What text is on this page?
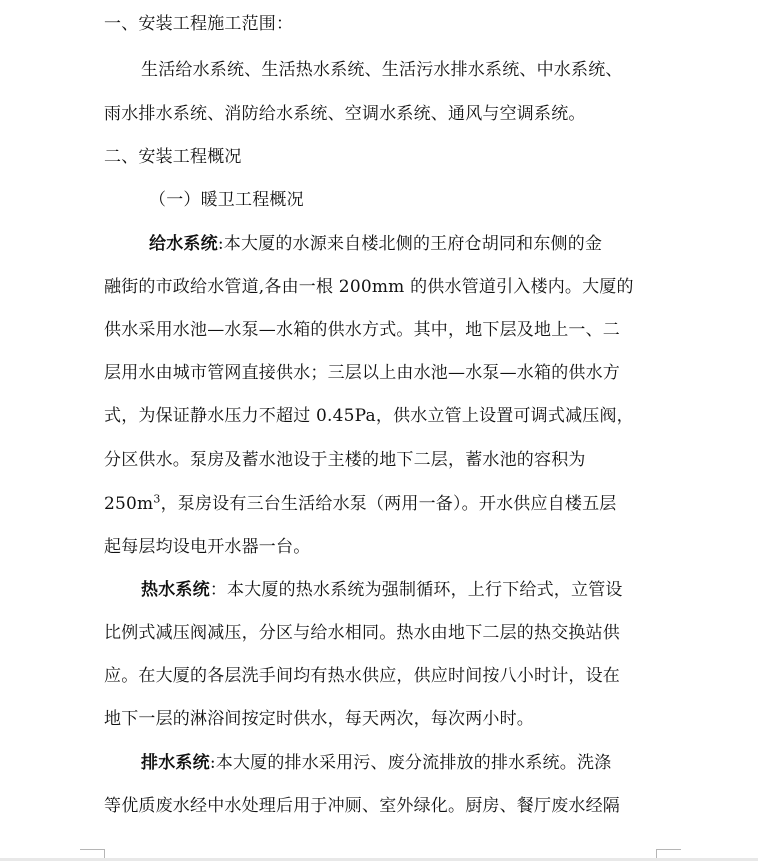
一、安装工程施工范围：
生活给水系统、生活热水系统、生活污水排水系统、中水系统、
雨水排水系统、消防给水系统、空调水系统、通风与空调系统。
二、安装工程概况
（一）暖卫工程概况
给水系统:本大厦的水源来自楼北侧的王府仓胡同和东侧的金
融街的市政给水管道,各由一根 200mm 的供水管道引入楼内。大厦的
供水采用水池—水泵—水箱的供水方式。其中，地下层及地上一、二
层用水由城市管网直接供水；三层以上由水池—水泵—水箱的供水方
式，为保证静水压力不超过 0.45Pa，供水立管上设置可调式减压阀，
分区供水。泵房及蓄水池设于主楼的地下二层，蓄水池的容积为
$250m^3$，泵房设有三台生活给水泵（两用一备）。开水供应自楼五层
起每层均设电开水器一台。
热水系统：本大厦的热水系统为强制循环，上行下给式，立管设
比例式减压阀减压，分区与给水相同。热水由地下二层的热交换站供
应。在大厦的各层洗手间均有热水供应，供应时间按八小时计，设在
地下一层的淋浴间按定时供水，每天两次，每次两小时。
排水系统:本大厦的排水采用污、废分流排放的排水系统。洗涤
等优质废水经中水处理后用于冲厕、室外绿化。厨房、餐厅废水经隔
